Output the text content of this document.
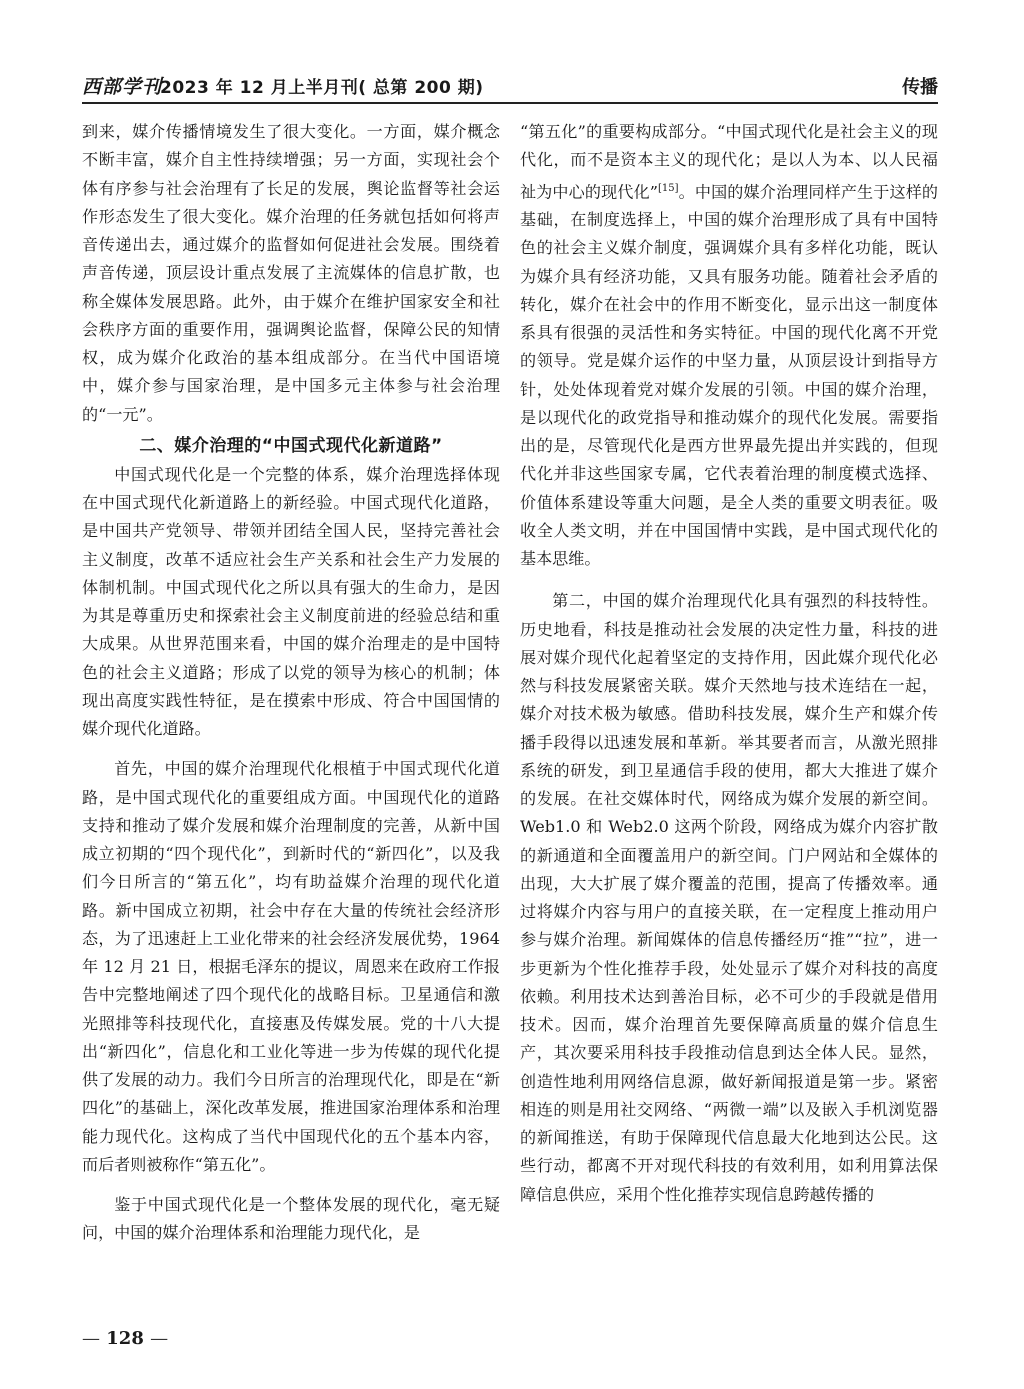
西部学刊
2023 年 12 月上半月刊( 总第 200 期)	传播

到来，媒介传播情境发生了很大变化。一方面，媒介概念不断丰富，媒介自主性持续增强；另一方面，实现社会个体有序参与社会治理有了长足的发展，舆论监督等社会运作形态发生了很大变化。媒介治理的任务就包括如何将声音传递出去，通过媒介的监督如何促进社会发展。围绕着声音传递，顶层设计重点发展了主流媒体的信息扩散，也称全媒体发展思路。此外，由于媒介在维护国家安全和社会秩序方面的重要作用，强调舆论监督，保障公民的知情权，成为媒介化政治的基本组成部分。在当代中国语境中，媒介参与国家治理，是中国多元主体参与社会治理的“一元”。

二、媒介治理的“中国式现代化新道路”

中国式现代化是一个完整的体系，媒介治理选择体现在中国式现代化新道路上的新经验。中国式现代化道路，是中国共产党领导、带领并团结全国人民，坚持完善社会主义制度，改革不适应社会生产关系和社会生产力发展的体制机制。中国式现代化之所以具有强大的生命力，是因为其是尊重历史和探索社会主义制度前进的经验总结和重大成果。从世界范围来看，中国的媒介治理走的是中国特色的社会主义道路；形成了以党的领导为核心的机制；体现出高度实践性特征，是在摸索中形成、符合中国国情的媒介现代化道路。

首先，中国的媒介治理现代化根植于中国式现代化道路，是中国式现代化的重要组成方面。中国现代化的道路支持和推动了媒介发展和媒介治理制度的完善，从新中国成立初期的“四个现代化”，到新时代的“新四化”，以及我们今日所言的“第五化”，均有助益媒介治理的现代化道路。新中国成立初期，社会中存在大量的传统社会经济形态，为了迅速赶上工业化带来的社会经济发展优势，1964 年 12 月 21 日，根据毛泽东的提议，周恩来在政府工作报告中完整地阐述了四个现代化的战略目标。卫星通信和激光照排等科技现代化，直接惠及传媒发展。党的十八大提出“新四化”，信息化和工业化等进一步为传媒的现代化提供了发展的动力。我们今日所言的治理现代化，即是在“新四化”的基础上，深化改革发展，推进国家治理体系和治理能力现代化。这构成了当代中国现代化的五个基本内容，而后者则被称作“第五化”。

鉴于中国式现代化是一个整体发展的现代化，毫无疑问，中国的媒介治理体系和治理能力现代化，是

“第五化”的重要构成部分。“中国式现代化是社会主义的现代化，而不是资本主义的现代化；是以人为本、以人民福祉为中心的现代化”[15]。中国的媒介治理同样产生于这样的基础，在制度选择上，中国的媒介治理形成了具有中国特色的社会主义媒介制度，强调媒介具有多样化功能，既认为媒介具有经济功能，又具有服务功能。随着社会矛盾的转化，媒介在社会中的作用不断变化，显示出这一制度体系具有很强的灵活性和务实特征。中国的现代化离不开党的领导。党是媒介运作的中坚力量，从顶层设计到指导方针，处处体现着党对媒介发展的引领。中国的媒介治理，是以现代化的政党指导和推动媒介的现代化发展。需要指出的是，尽管现代化是西方世界最先提出并实践的，但现代化并非这些国家专属，它代表着治理的制度模式选择、价值体系建设等重大问题，是全人类的重要文明表征。吸收全人类文明，并在中国国情中实践，是中国式现代化的基本思维。

第二，中国的媒介治理现代化具有强烈的科技特性。历史地看，科技是推动社会发展的决定性力量，科技的进展对媒介现代化起着坚定的支持作用，因此媒介现代化必然与科技发展紧密关联。媒介天然地与技术连结在一起，媒介对技术极为敏感。借助科技发展，媒介生产和媒介传播手段得以迅速发展和革新。举其要者而言，从激光照排系统的研发，到卫星通信手段的使用，都大大推进了媒介的发展。在社交媒体时代，网络成为媒介发展的新空间。Web1.0 和 Web2.0 这两个阶段，网络成为媒介内容扩散的新通道和全面覆盖用户的新空间。门户网站和全媒体的出现，大大扩展了媒介覆盖的范围，提高了传播效率。通过将媒介内容与用户的直接关联，在一定程度上推动用户参与媒介治理。新闻媒体的信息传播经历“推”“拉”，进一步更新为个性化推荐手段，处处显示了媒介对科技的高度依赖。利用技术达到善治目标，必不可少的手段就是借用技术。因而，媒介治理首先要保障高质量的媒介信息生产，其次要采用科技手段推动信息到达全体人民。显然，创造性地利用网络信息源，做好新闻报道是第一步。紧密相连的则是用社交网络、“两微一端”以及嵌入手机浏览器的新闻推送，有助于保障现代信息最大化地到达公民。这些行动，都离不开对现代科技的有效利用，如利用算法保障信息供应，采用个性化推荐实现信息跨越传播的

— 128 —
